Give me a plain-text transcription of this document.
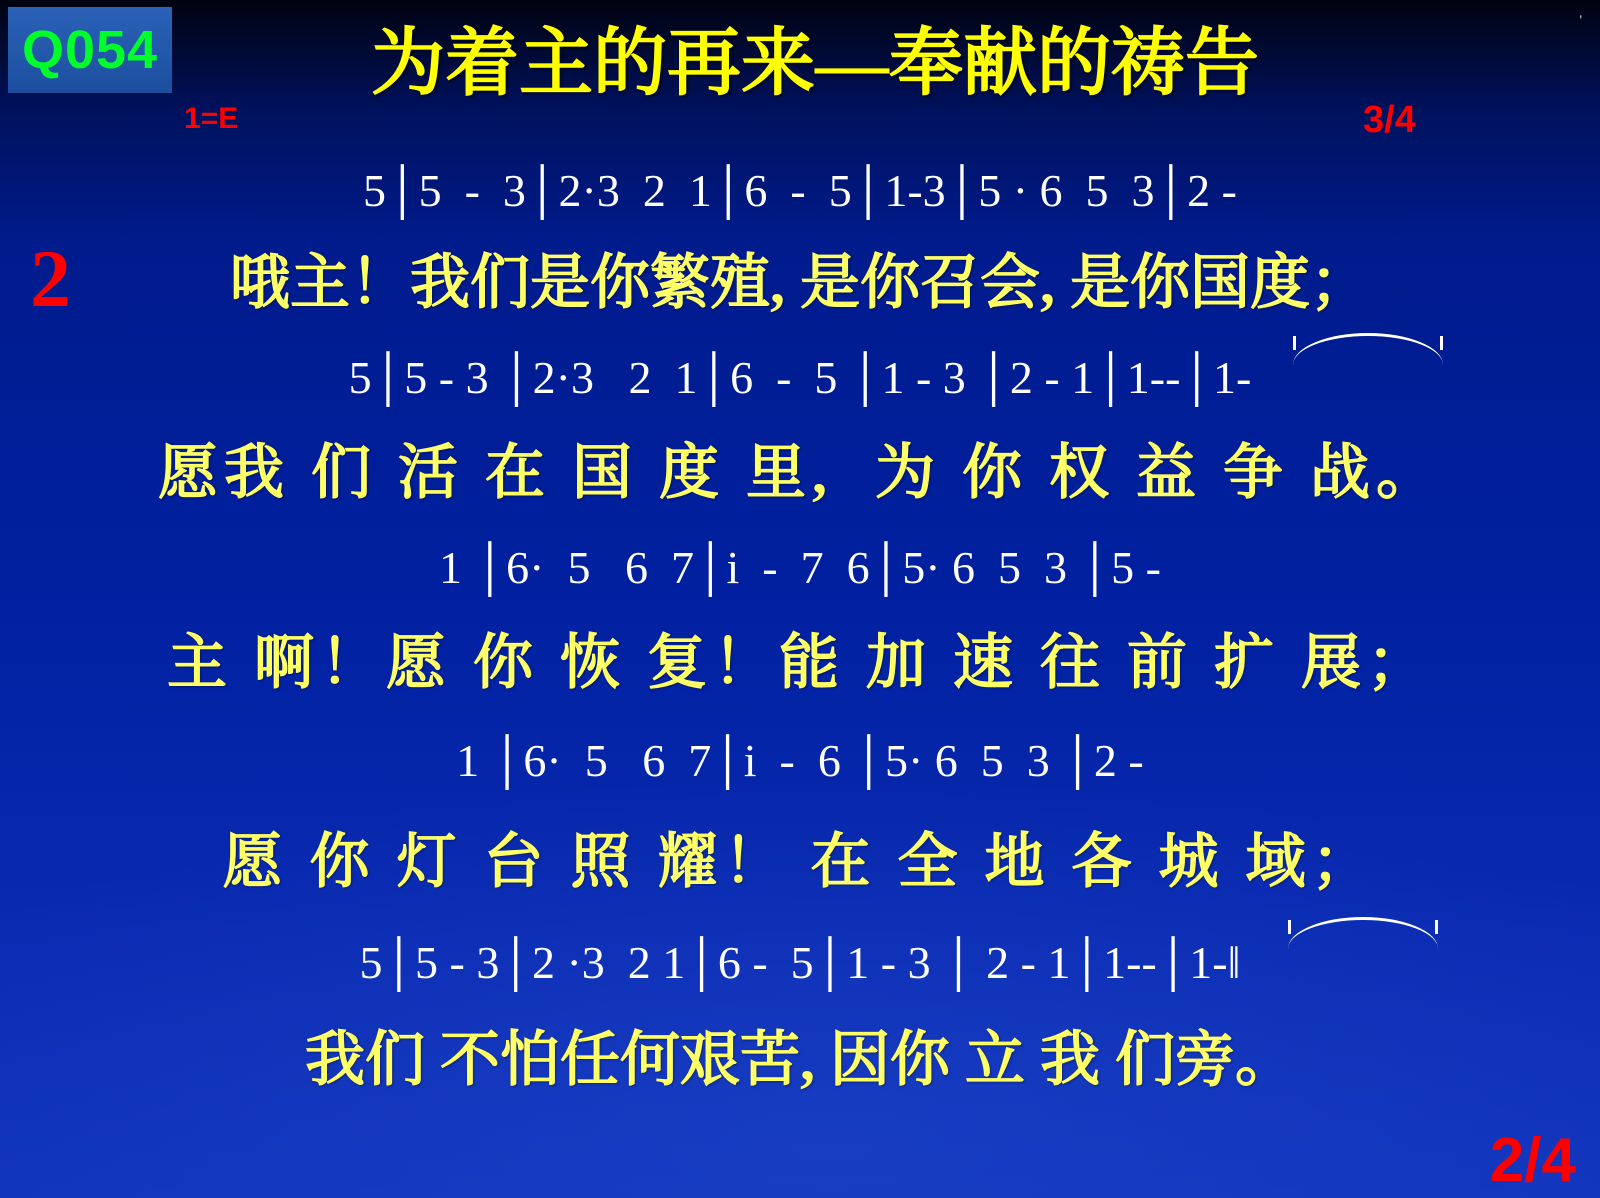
Q054	为着主的再来—奉献的祷告
1=E	3/4
2
2/4
'
5│5  -  3│2·3  2  1│6  -  5│1-3│5 · 6  5  3│2 -
哦主！我们是你繁殖, 是你召会, 是你国度；
5│5 - 3 │2·3   2  1│6  -  5 │1 - 3 │2 - 1│1--│1-
愿我 们 活 在 国 度 里,  为 你 权 益 争 战。
1 │6·  5   6  7│i  -  7  6│5· 6  5  3 │5 -
主 啊！愿 你 恢 复！能 加 速 往 前 扩 展；
1 │6·  5   6  7│i  -  6 │5· 6  5  3 │2 -
愿 你 灯 台 照 耀！ 在 全 地 各 城 域；
5│5 - 3│2 ·3  2 1│6 -  5│1 - 3 │ 2 - 1│1--│1-‖
我们 不怕任何艰苦, 因你 立 我 们旁。
